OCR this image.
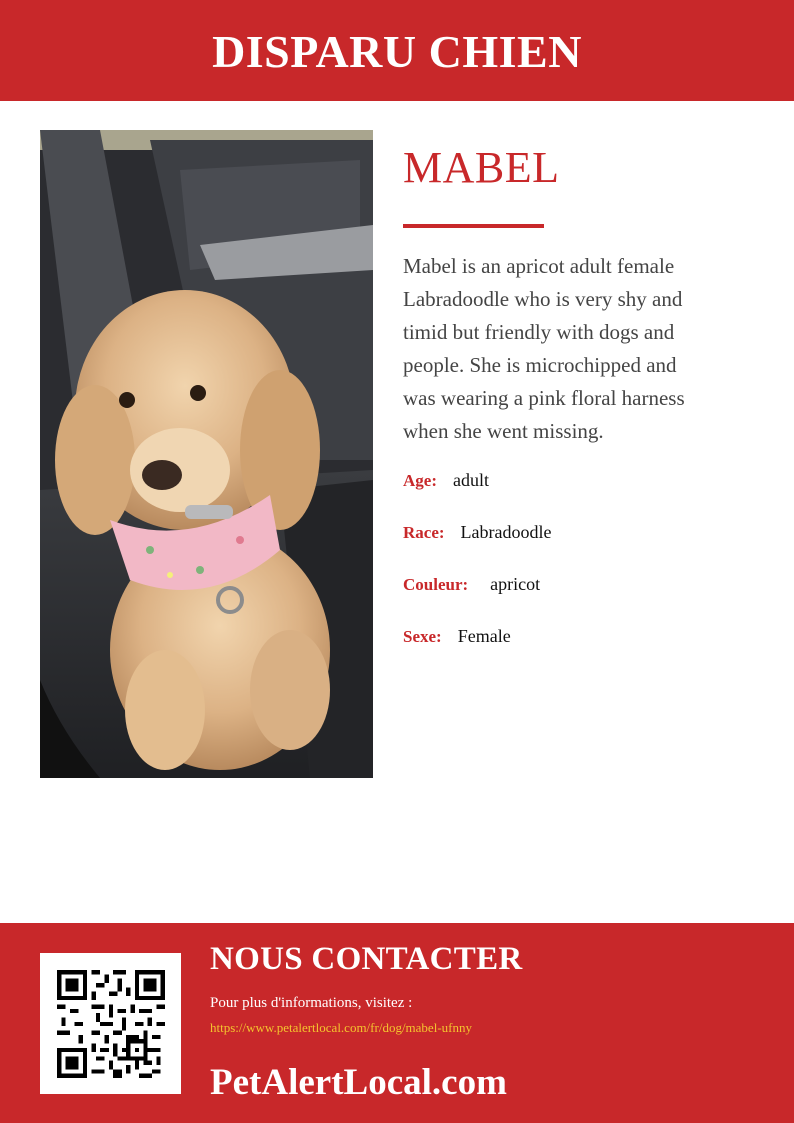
DISPARU CHIEN
MABEL

Mabel is an apricot adult female Labradoodle who is very shy and timid but friendly with dogs and people. She is microchipped and was wearing a pink floral harness when she went missing.

Age: adult
Race: Labradoodle
Couleur: apricot
Sexe: Female
NOUS CONTACTER
Pour plus d'informations, visitez :
https://www.petalertlocal.com/fr/dog/mabel-ufnny
PetAlertLocal.com
